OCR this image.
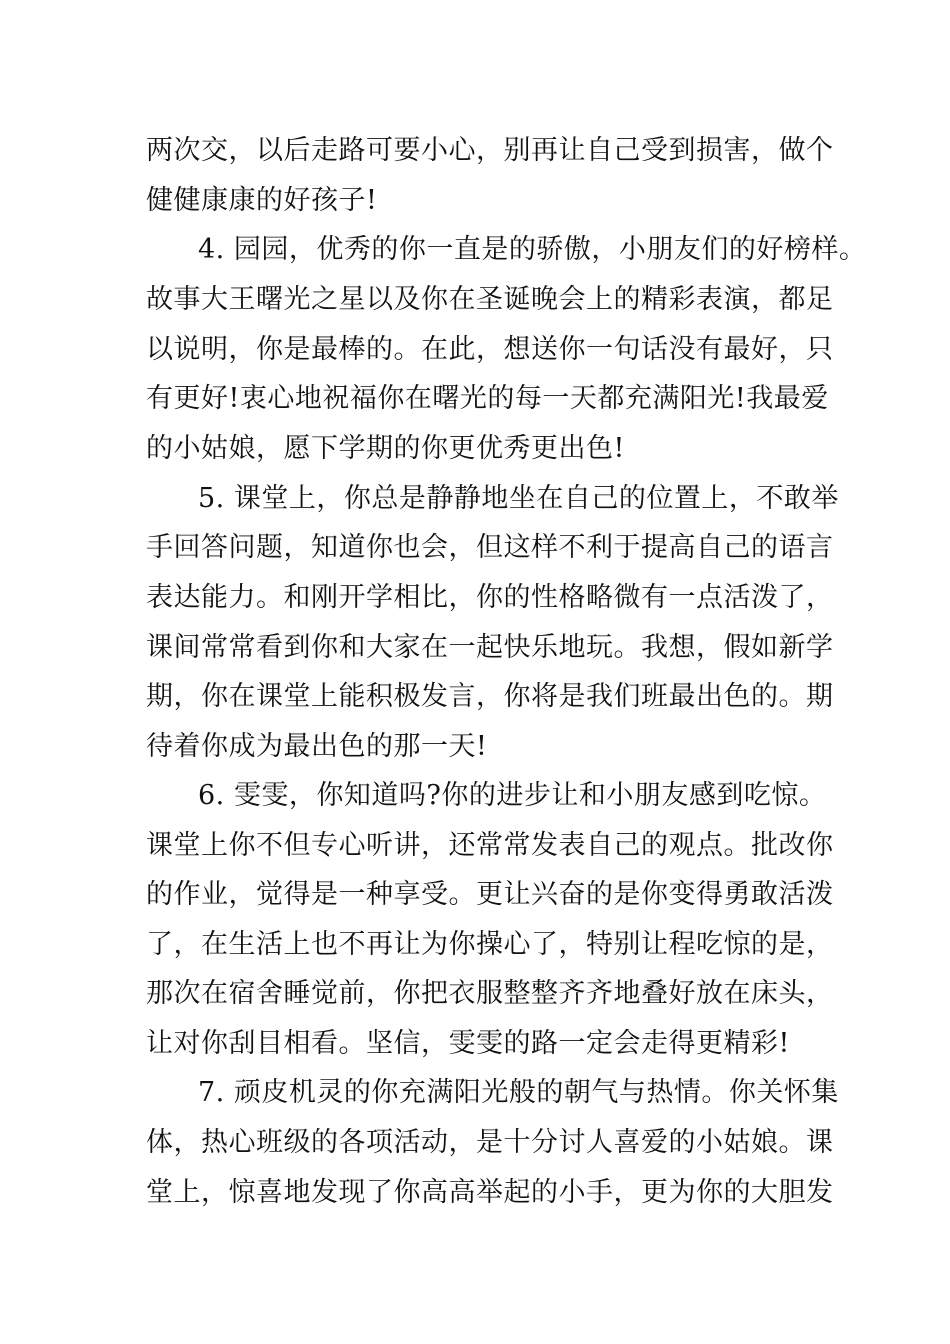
两次交，以后走路可要小心，别再让自己受到损害，做个
健健康康的好孩子!
4. 园园，优秀的你一直是的骄傲，小朋友们的好榜样。
故事大王曙光之星以及你在圣诞晚会上的精彩表演，都足
以说明，你是最棒的。在此，想送你一句话没有最好，只
有更好!衷心地祝福你在曙光的每一天都充满阳光!我最爱
的小姑娘，愿下学期的你更优秀更出色!
5. 课堂上，你总是静静地坐在自己的位置上，不敢举
手回答问题，知道你也会，但这样不利于提高自己的语言
表达能力。和刚开学相比，你的性格略微有一点活泼了，
课间常常看到你和大家在一起快乐地玩。我想，假如新学
期，你在课堂上能积极发言，你将是我们班最出色的。期
待着你成为最出色的那一天!
6. 雯雯，你知道吗?你的进步让和小朋友感到吃惊。
课堂上你不但专心听讲，还常常发表自己的观点。批改你
的作业，觉得是一种享受。更让兴奋的是你变得勇敢活泼
了，在生活上也不再让为你操心了，特别让程吃惊的是，
那次在宿舍睡觉前，你把衣服整整齐齐地叠好放在床头，
让对你刮目相看。坚信，雯雯的路一定会走得更精彩!
7. 顽皮机灵的你充满阳光般的朝气与热情。你关怀集
体，热心班级的各项活动，是十分讨人喜爱的小姑娘。课
堂上，惊喜地发现了你高高举起的小手，更为你的大胆发
